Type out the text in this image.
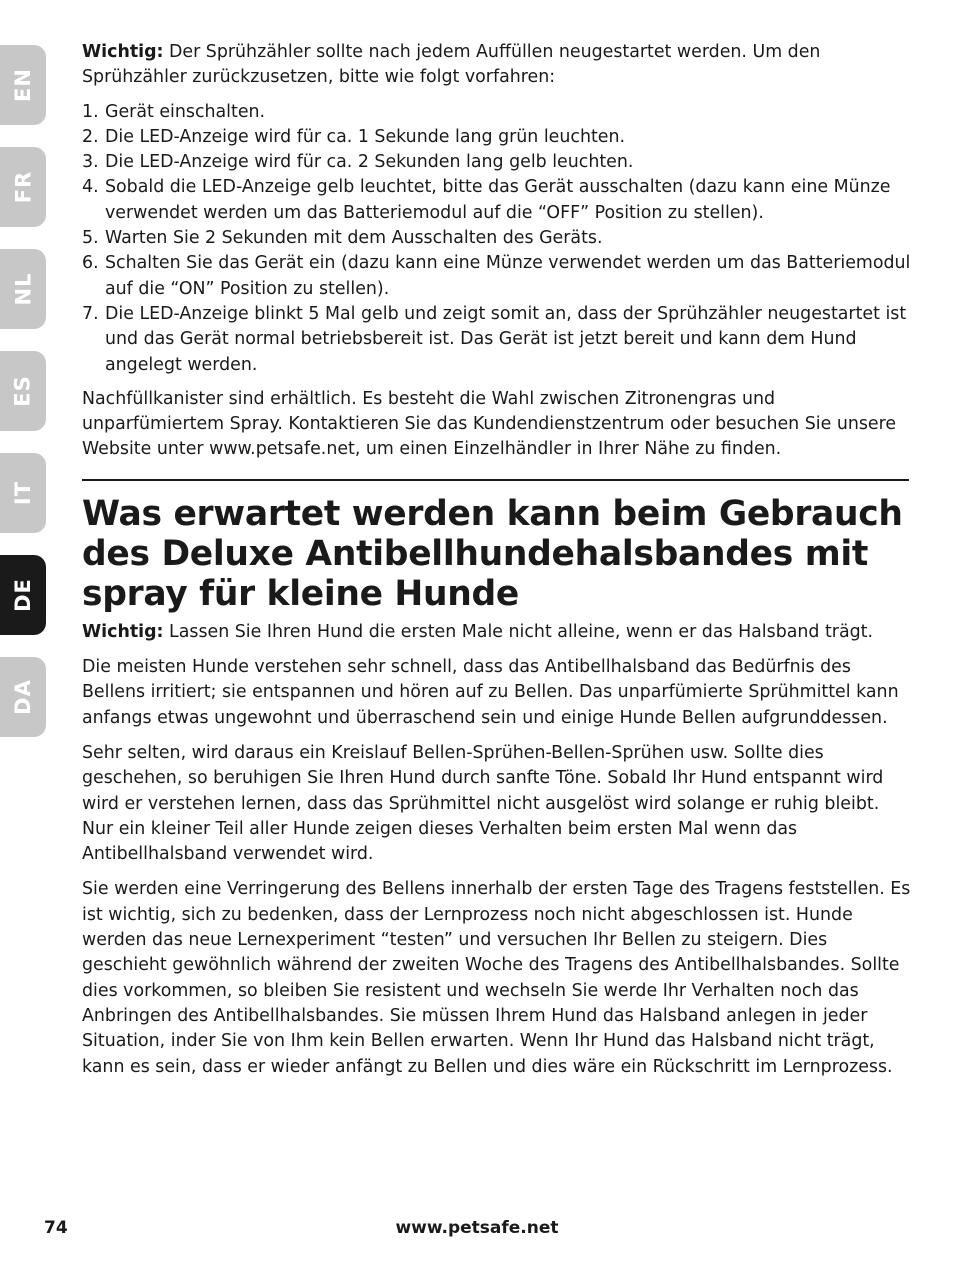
EN
FR
NL
ES
IT
DE
DA

Wichtig: Der Sprühzähler sollte nach jedem Auffüllen neugestartet werden. Um den Sprühzähler zurückzusetzen, bitte wie folgt vorfahren:

1. Gerät einschalten.
2. Die LED-Anzeige wird für ca. 1 Sekunde lang grün leuchten.
3. Die LED-Anzeige wird für ca. 2 Sekunden lang gelb leuchten.
4. Sobald die LED-Anzeige gelb leuchtet, bitte das Gerät ausschalten (dazu kann eine Münze verwendet werden um das Batteriemodul auf die “OFF” Position zu stellen).
5. Warten Sie 2 Sekunden mit dem Ausschalten des Geräts.
6. Schalten Sie das Gerät ein (dazu kann eine Münze verwendet werden um das Batteriemodul auf die “ON” Position zu stellen).
7. Die LED-Anzeige blinkt 5 Mal gelb und zeigt somit an, dass der Sprühzähler neugestartet ist und das Gerät normal betriebsbereit ist. Das Gerät ist jetzt bereit und kann dem Hund angelegt werden.

Nachfüllkanister sind erhältlich. Es besteht die Wahl zwischen Zitronengras und unparfümiertem Spray. Kontaktieren Sie das Kundendienstzentrum oder besuchen Sie unsere Website unter www.petsafe.net, um einen Einzelhändler in Ihrer Nähe zu finden.

Was erwartet werden kann beim Gebrauch des Deluxe Antibellhundehalsbandes mit spray für kleine Hunde

Wichtig: Lassen Sie Ihren Hund die ersten Male nicht alleine, wenn er das Halsband trägt.

Die meisten Hunde verstehen sehr schnell, dass das Antibellhalsband das Bedürfnis des Bellens irritiert; sie entspannen und hören auf zu Bellen. Das unparfümierte Sprühmittel kann anfangs etwas ungewohnt und überraschend sein und einige Hunde Bellen aufgrunddessen.

Sehr selten, wird daraus ein Kreislauf Bellen-Sprühen-Bellen-Sprühen usw. Sollte dies geschehen, so beruhigen Sie Ihren Hund durch sanfte Töne. Sobald Ihr Hund entspannt wird wird er verstehen lernen, dass das Sprühmittel nicht ausgelöst wird solange er ruhig bleibt. Nur ein kleiner Teil aller Hunde zeigen dieses Verhalten beim ersten Mal wenn das Antibellhalsband verwendet wird.

Sie werden eine Verringerung des Bellens innerhalb der ersten Tage des Tragens feststellen. Es ist wichtig, sich zu bedenken, dass der Lernprozess noch nicht abgeschlossen ist. Hunde werden das neue Lernexperiment “testen” und versuchen Ihr Bellen zu steigern. Dies geschieht gewöhnlich während der zweiten Woche des Tragens des Antibellhalsbandes. Sollte dies vorkommen, so bleiben Sie resistent und wechseln Sie werde Ihr Verhalten noch das Anbringen des Antibellhalsbandes. Sie müssen Ihrem Hund das Halsband anlegen in jeder Situation, inder Sie von Ihm kein Bellen erwarten. Wenn Ihr Hund das Halsband nicht trägt, kann es sein, dass er wieder anfängt zu Bellen und dies wäre ein Rückschritt im Lernprozess.

www.petsafe.net
74
